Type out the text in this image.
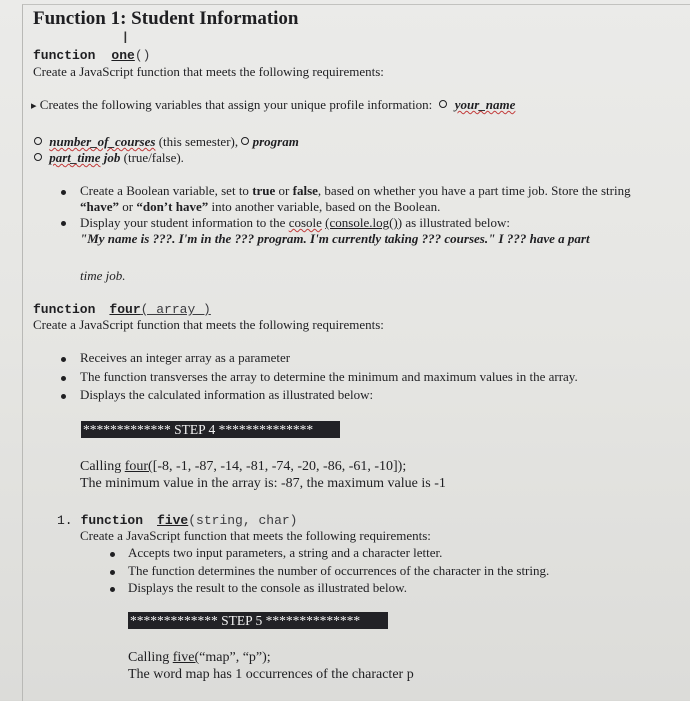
Function 1: Student Information
I
function one()
Create a JavaScript function that meets the following requirements:
▸ Creates the following variables that assign your unique profile information: your_name
number_of_courses (this semester), program
part_time job (true/false).
Create a Boolean variable, set to true or false, based on whether you have a part time job. Store the string
“have” or “don’t have” into another variable, based on the Boolean.
Display your student information to the cosole (console.log()) as illustrated below:
"My name is ???. I'm in the ??? program. I'm currently taking ??? courses." I ??? have a part
time job.
function four( array )
Create a JavaScript function that meets the following requirements:
Receives an integer array as a parameter
The function transverses the array to determine the minimum and maximum values in the array.
Displays the calculated information as illustrated below:
************* STEP 4 **************
Calling four([-8, -1, -87, -14, -81, -74, -20, -86, -61, -10]);
The minimum value in the array is: -87, the maximum value is -1
1. function five(string, char)
Create a JavaScript function that meets the following requirements:
Accepts two input parameters, a string and a character letter.
The function determines the number of occurrences of the character in the string.
Displays the result to the console as illustrated below.
************* STEP 5 **************
Calling five(“map”, “p”);
The word map has 1 occurrences of the character p
